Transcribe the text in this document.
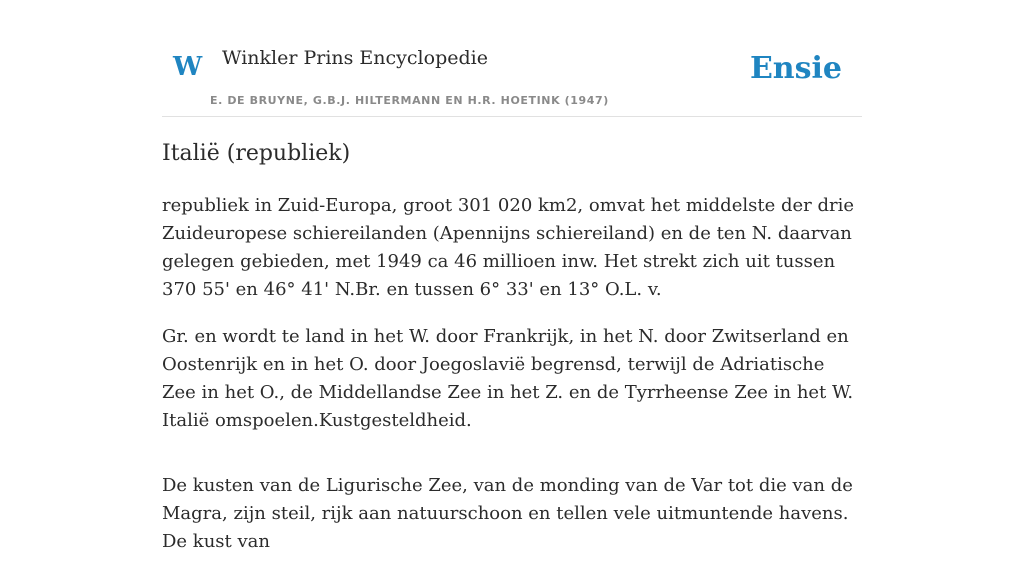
W Winkler Prins Encyclopedie
E. DE BRUYNE, G.B.J. HILTERMANN EN H.R. HOETINK (1947)
Ensie
Italië (republiek)

republiek in Zuid-Europa, groot 301 020 km2, omvat het middelste der drie Zuideuropese schiereilanden (Apennijns schiereiland) en de ten N. daarvan gelegen gebieden, met 1949 ca 46 millioen inw. Het strekt zich uit tussen 370 55' en 46° 41' N.Br. en tussen 6° 33' en 13° O.L. v.

Gr. en wordt te land in het W. door Frankrijk, in het N. door Zwitserland en Oostenrijk en in het O. door Joegoslavië begrensd, terwijl de Adriatische Zee in het O., de Middellandse Zee in het Z. en de Tyrrheense Zee in het W. Italië omspoelen.Kustgesteldheid.

De kusten van de Ligurische Zee, van de monding van de Var tot die van de Magra, zijn steil, rijk aan natuurschoon en tellen vele uitmuntende havens. De kust van
